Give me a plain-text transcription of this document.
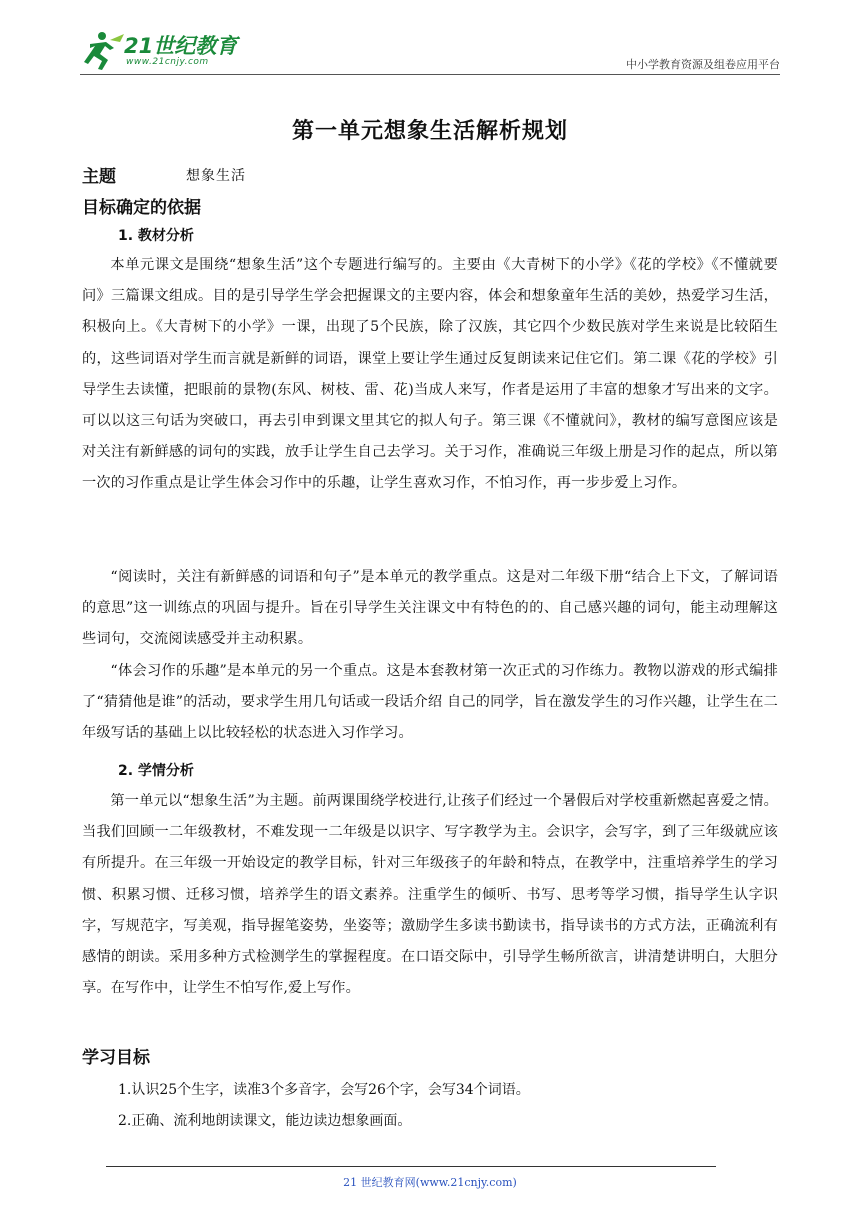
21世纪教育
www.21cnjy.com	中小学教育资源及组卷应用平台
第一单元想象生活解析规划
主题	想象生活
目标确定的依据
1. 教材分析
本单元课文是围绕“想象生活”这个专题进行编写的。主要由《大青树下的小学》《花的学校》《不懂就要问》三篇课文组成。目的是引导学生学会把握课文的主要内容，体会和想象童年生活的美妙，热爱学习生活，积极向上。《大青树下的小学》一课，出现了5个民族，除了汉族，其它四个少数民族对学生来说是比较陌生的，这些词语对学生而言就是新鲜的词语，课堂上要让学生通过反复朗读来记住它们。第二课《花的学校》引导学生去读懂，把眼前的景物(东风、树枝、雷、花)当成人来写，作者是运用了丰富的想象才写出来的文字。可以以这三句话为突破口，再去引申到课文里其它的拟人句子。第三课《不懂就问》，教材的编写意图应该是对关注有新鲜感的词句的实践，放手让学生自己去学习。关于习作，准确说三年级上册是习作的起点，所以第一次的习作重点是让学生体会习作中的乐趣，让学生喜欢习作，不怕习作，再一步步爱上习作。
“阅读时，关注有新鲜感的词语和句子”是本单元的教学重点。这是对二年级下册“结合上下文，了解词语的意思”这一训练点的巩固与提升。旨在引导学生关注课文中有特色的的、自己感兴趣的词句，能主动理解这些词句，交流阅读感受并主动积累。
“体会习作的乐趣”是本单元的另一个重点。这是本套教材第一次正式的习作练力。教物以游戏的形式编排了“猜猜他是谁”的活动，要求学生用几句话或一段话介绍 自己的同学，旨在激发学生的习作兴趣，让学生在二年级写话的基础上以比较轻松的状态进入习作学习。
2. 学情分析
第一单元以“想象生活”为主题。前两课围绕学校进行,让孩子们经过一个暑假后对学校重新燃起喜爱之情。当我们回顾一二年级教材，不难发现一二年级是以识字、写字教学为主。会识字，会写字，到了三年级就应该有所提升。在三年级一开始设定的教学目标，针对三年级孩子的年龄和特点，在教学中，注重培养学生的学习惯、积累习惯、迁移习惯，培养学生的语文素养。注重学生的倾听、书写、思考等学习惯，指导学生认字识字，写规范字，写美观，指导握笔姿势，坐姿等；激励学生多读书勤读书，指导读书的方式方法，正确流利有感情的朗读。采用多种方式检测学生的掌握程度。在口语交际中，引导学生畅所欲言，讲清楚讲明白，大胆分享。在写作中，让学生不怕写作,爱上写作。
学习目标
1.认识25个生字，读准3个多音字，会写26个字，会写34个词语。
2.正确、流利地朗读课文，能边读边想象画面。
21 世纪教育网(www.21cnjy.com)
